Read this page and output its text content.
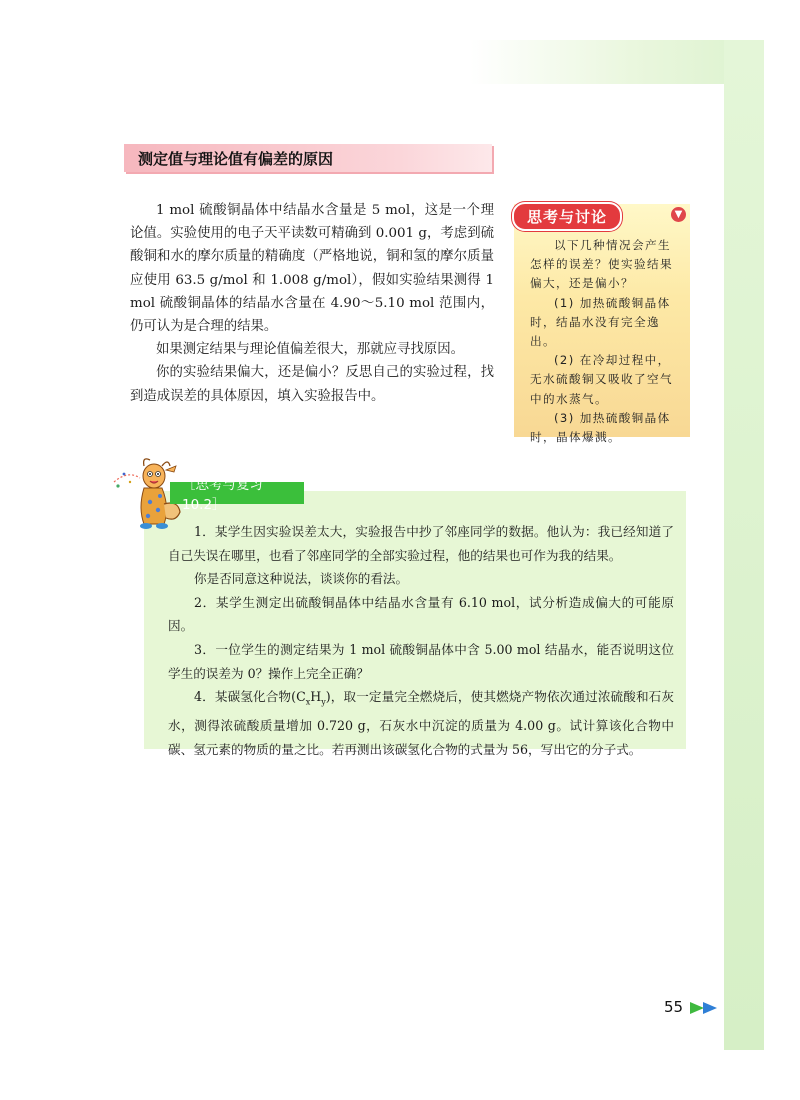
测定值与理论值有偏差的原因

1 mol 硫酸铜晶体中结晶水含量是 5 mol，这是一个理论值。实验使用的电子天平读数可精确到 0.001 g，考虑到硫酸铜和水的摩尔质量的精确度（严格地说，铜和氢的摩尔质量应使用 63.5 g/mol 和 1.008 g/mol），假如实验结果测得 1 mol 硫酸铜晶体的结晶水含量在 4.90～5.10 mol 范围内，仍可认为是合理的结果。

如果测定结果与理论值偏差很大，那就应寻找原因。

你的实验结果偏大，还是偏小？反思自己的实验过程，找到造成误差的具体原因，填入实验报告中。

思考与讨论	▼

以下几种情况会产生怎样的误差？使实验结果偏大，还是偏小？

(1) 加热硫酸铜晶体时，结晶水没有完全逸出。

(2) 在冷却过程中，无水硫酸铜又吸收了空气中的水蒸气。

(3) 加热硫酸铜晶体时，晶体爆溅。

［思考与复习 10.2］

1．某学生因实验误差太大，实验报告中抄了邻座同学的数据。他认为：我已经知道了自己失误在哪里，也看了邻座同学的全部实验过程，他的结果也可作为我的结果。

你是否同意这种说法，谈谈你的看法。

2．某学生测定出硫酸铜晶体中结晶水含量有 6.10 mol，试分析造成偏大的可能原因。

3．一位学生的测定结果为 1 mol 硫酸铜晶体中含 5.00 mol 结晶水，能否说明这位学生的误差为 0？操作上完全正确？

4．某碳氢化合物$(C_xH_y)$，取一定量完全燃烧后，使其燃烧产物依次通过浓硫酸和石灰水，测得浓硫酸质量增加 0.720 g，石灰水中沉淀的质量为 4.00 g。试计算该化合物中碳、氢元素的物质的量之比。若再测出该碳氢化合物的式量为 56，写出它的分子式。

55
